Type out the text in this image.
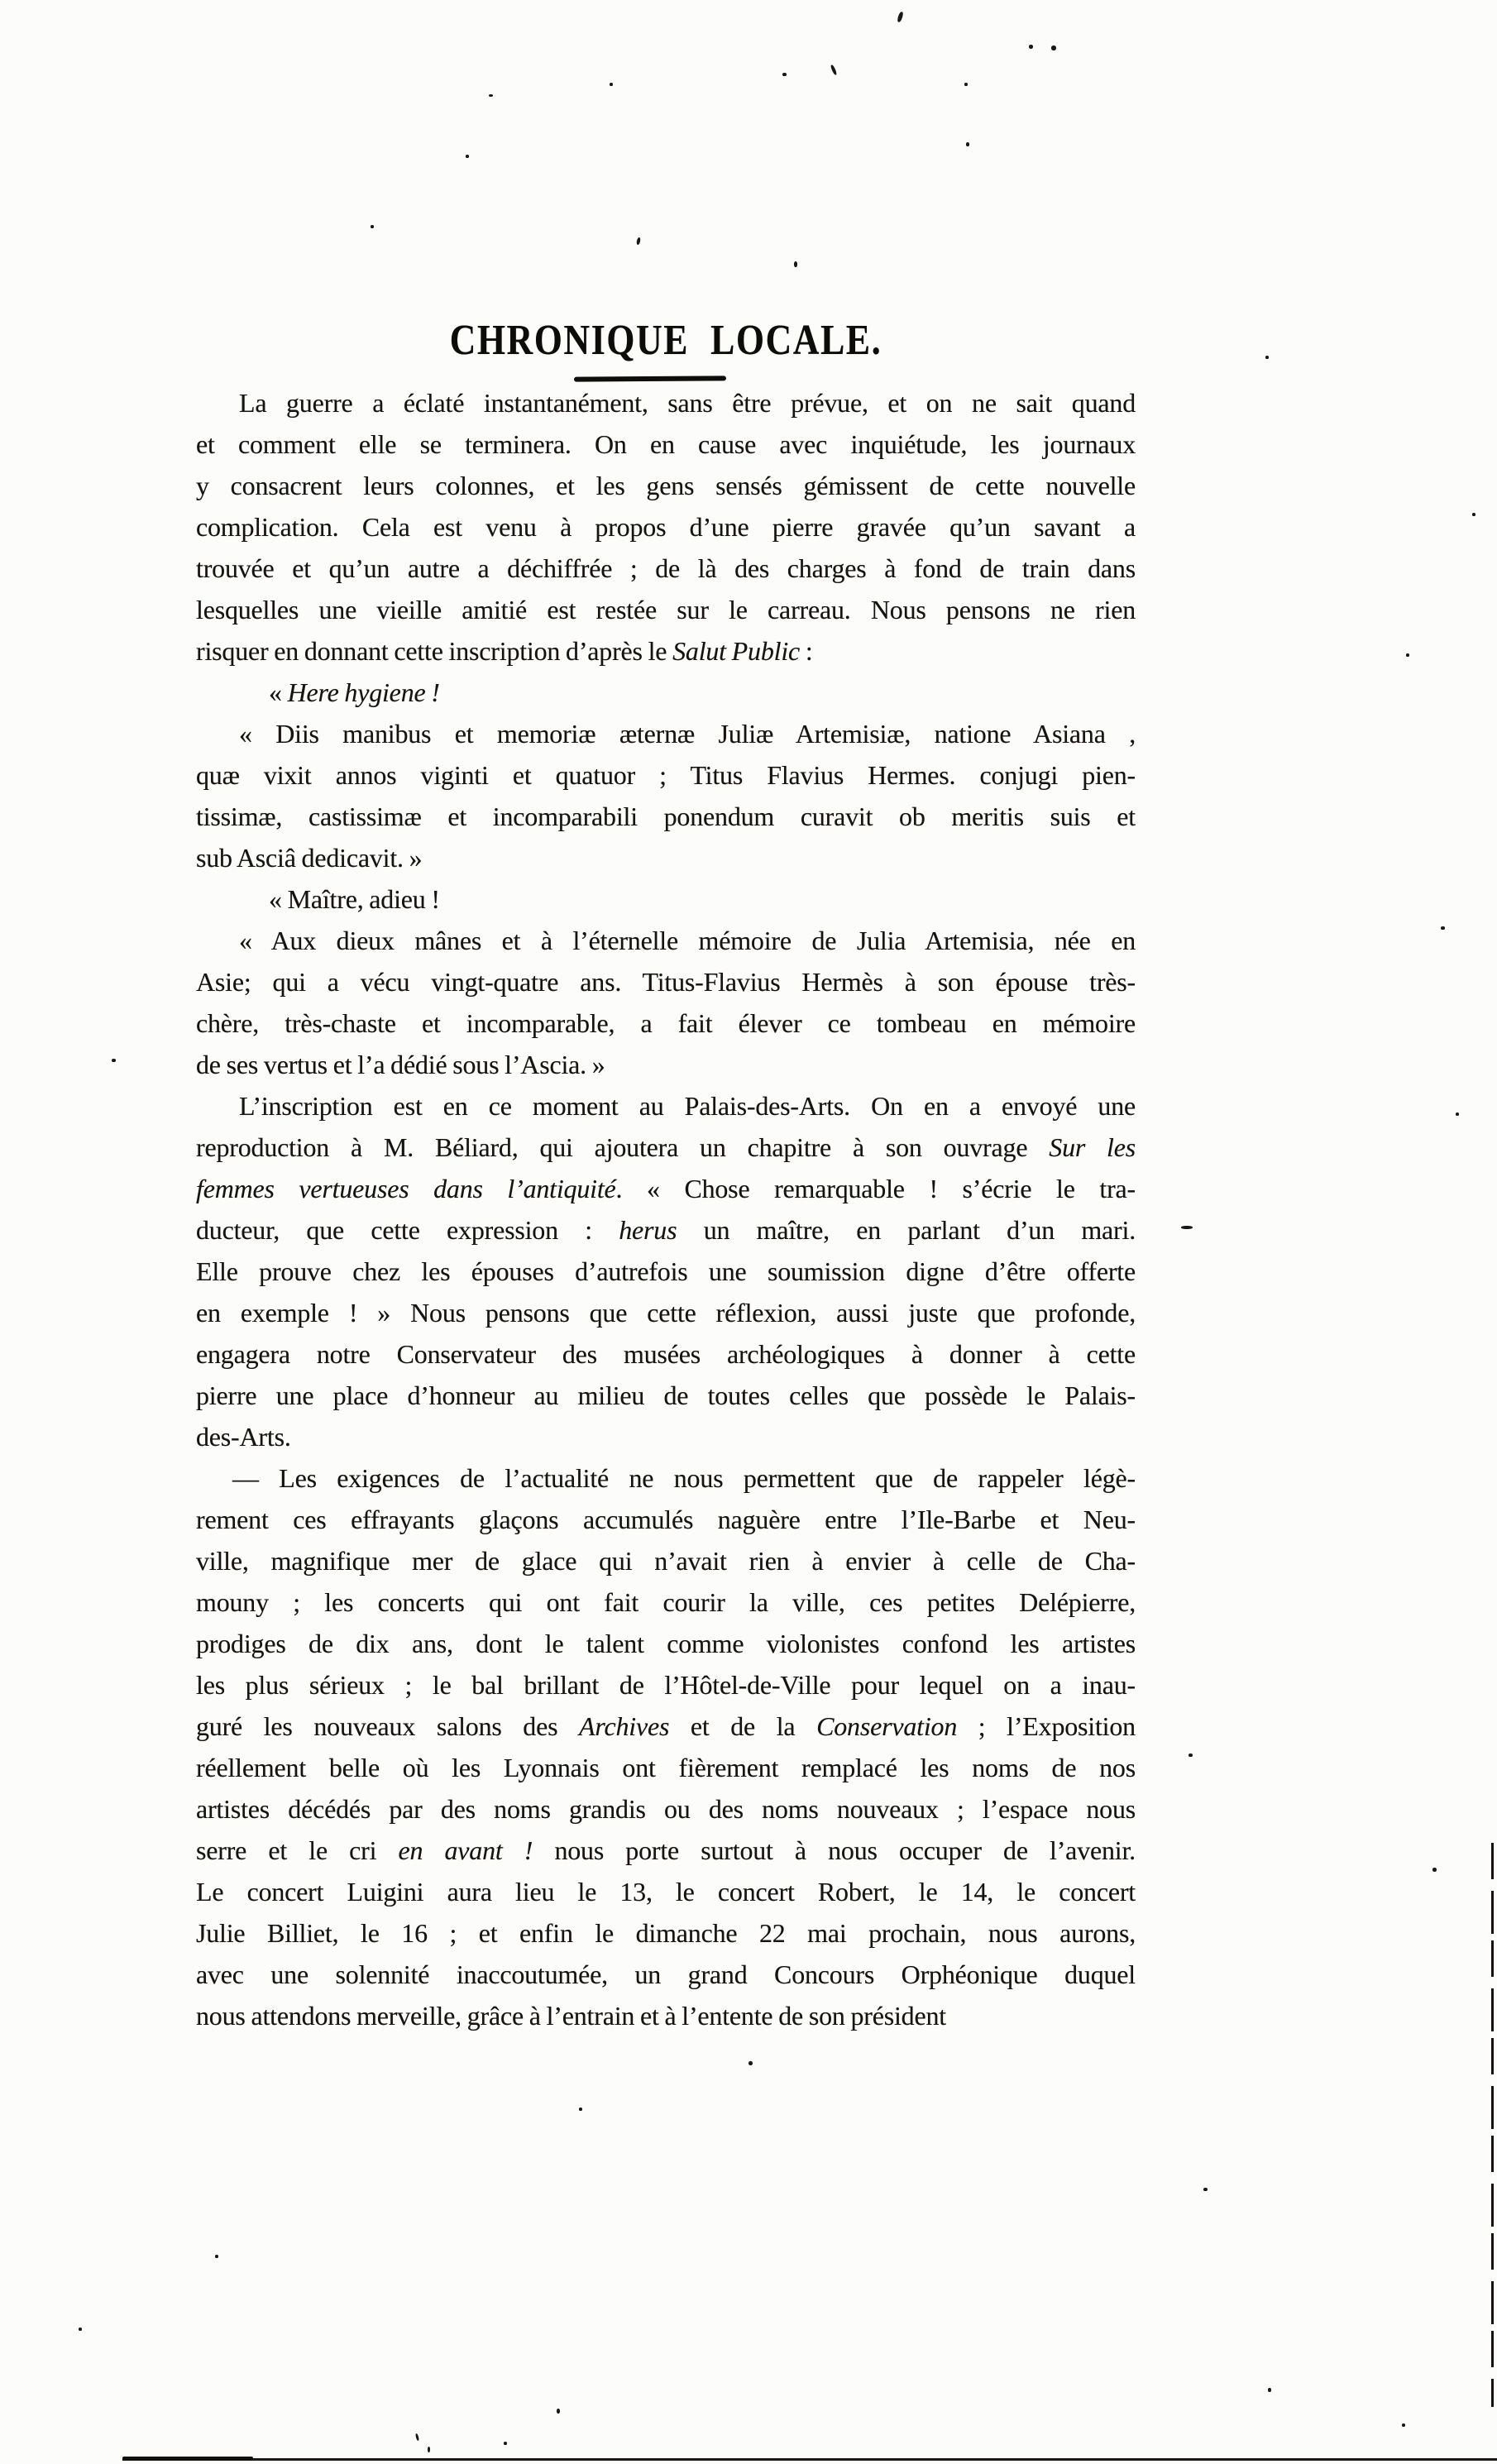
CHRONIQUE LOCALE.
La guerre a éclaté instantanément, sans être prévue, et on ne sait quand
et comment elle se terminera. On en cause avec inquiétude, les journaux
y consacrent leurs colonnes, et les gens sensés gémissent de cette nouvelle
complication. Cela est venu à propos d’une pierre gravée qu’un savant a
trouvée et qu’un autre a déchiffrée ; de là des charges à fond de train dans
lesquelles une vieille amitié est restée sur le carreau. Nous pensons ne rien
risquer en donnant cette inscription d’après le Salut Public :
« Here hygiene !
« Diis manibus et memoriæ æternæ Juliæ Artemisiæ, natione Asiana ,
quæ vixit annos viginti et quatuor ; Titus Flavius Hermes. conjugi pien-
tissimæ, castissimæ et incomparabili ponendum curavit ob meritis suis et
sub Asciâ dedicavit. »
« Maître, adieu !
« Aux dieux mânes et à l’éternelle mémoire de Julia Artemisia, née en
Asie; qui a vécu vingt-quatre ans. Titus-Flavius Hermès à son épouse très-
chère, très-chaste et incomparable, a fait élever ce tombeau en mémoire
de ses vertus et l’a dédié sous l’Ascia. »
L’inscription est en ce moment au Palais-des-Arts. On en a envoyé une
reproduction à M. Béliard, qui ajoutera un chapitre à son ouvrage Sur les
femmes vertueuses dans l’antiquité. « Chose remarquable ! s’écrie le tra-
ducteur, que cette expression : herus un maître, en parlant d’un mari.
Elle prouve chez les épouses d’autrefois une soumission digne d’être offerte
en exemple ! » Nous pensons que cette réflexion, aussi juste que profonde,
engagera notre Conservateur des musées archéologiques à donner à cette
pierre une place d’honneur au milieu de toutes celles que possède le Palais-
des-Arts.
— Les exigences de l’actualité ne nous permettent que de rappeler légè-
rement ces effrayants glaçons accumulés naguère entre l’Ile-Barbe et Neu-
ville, magnifique mer de glace qui n’avait rien à envier à celle de Cha-
mouny ; les concerts qui ont fait courir la ville, ces petites Delépierre,
prodiges de dix ans, dont le talent comme violonistes confond les artistes
les plus sérieux ; le bal brillant de l’Hôtel-de-Ville pour lequel on a inau-
guré les nouveaux salons des Archives et de la Conservation ; l’Exposition
réellement belle où les Lyonnais ont fièrement remplacé les noms de nos
artistes décédés par des noms grandis ou des noms nouveaux ; l’espace nous
serre et le cri en avant ! nous porte surtout à nous occuper de l’avenir.
Le concert Luigini aura lieu le 13, le concert Robert, le 14, le concert
Julie Billiet, le 16 ; et enfin le dimanche 22 mai prochain, nous aurons,
avec une solennité inaccoutumée, un grand Concours Orphéonique duquel
nous attendons merveille, grâce à l’entrain et à l’entente de son président
